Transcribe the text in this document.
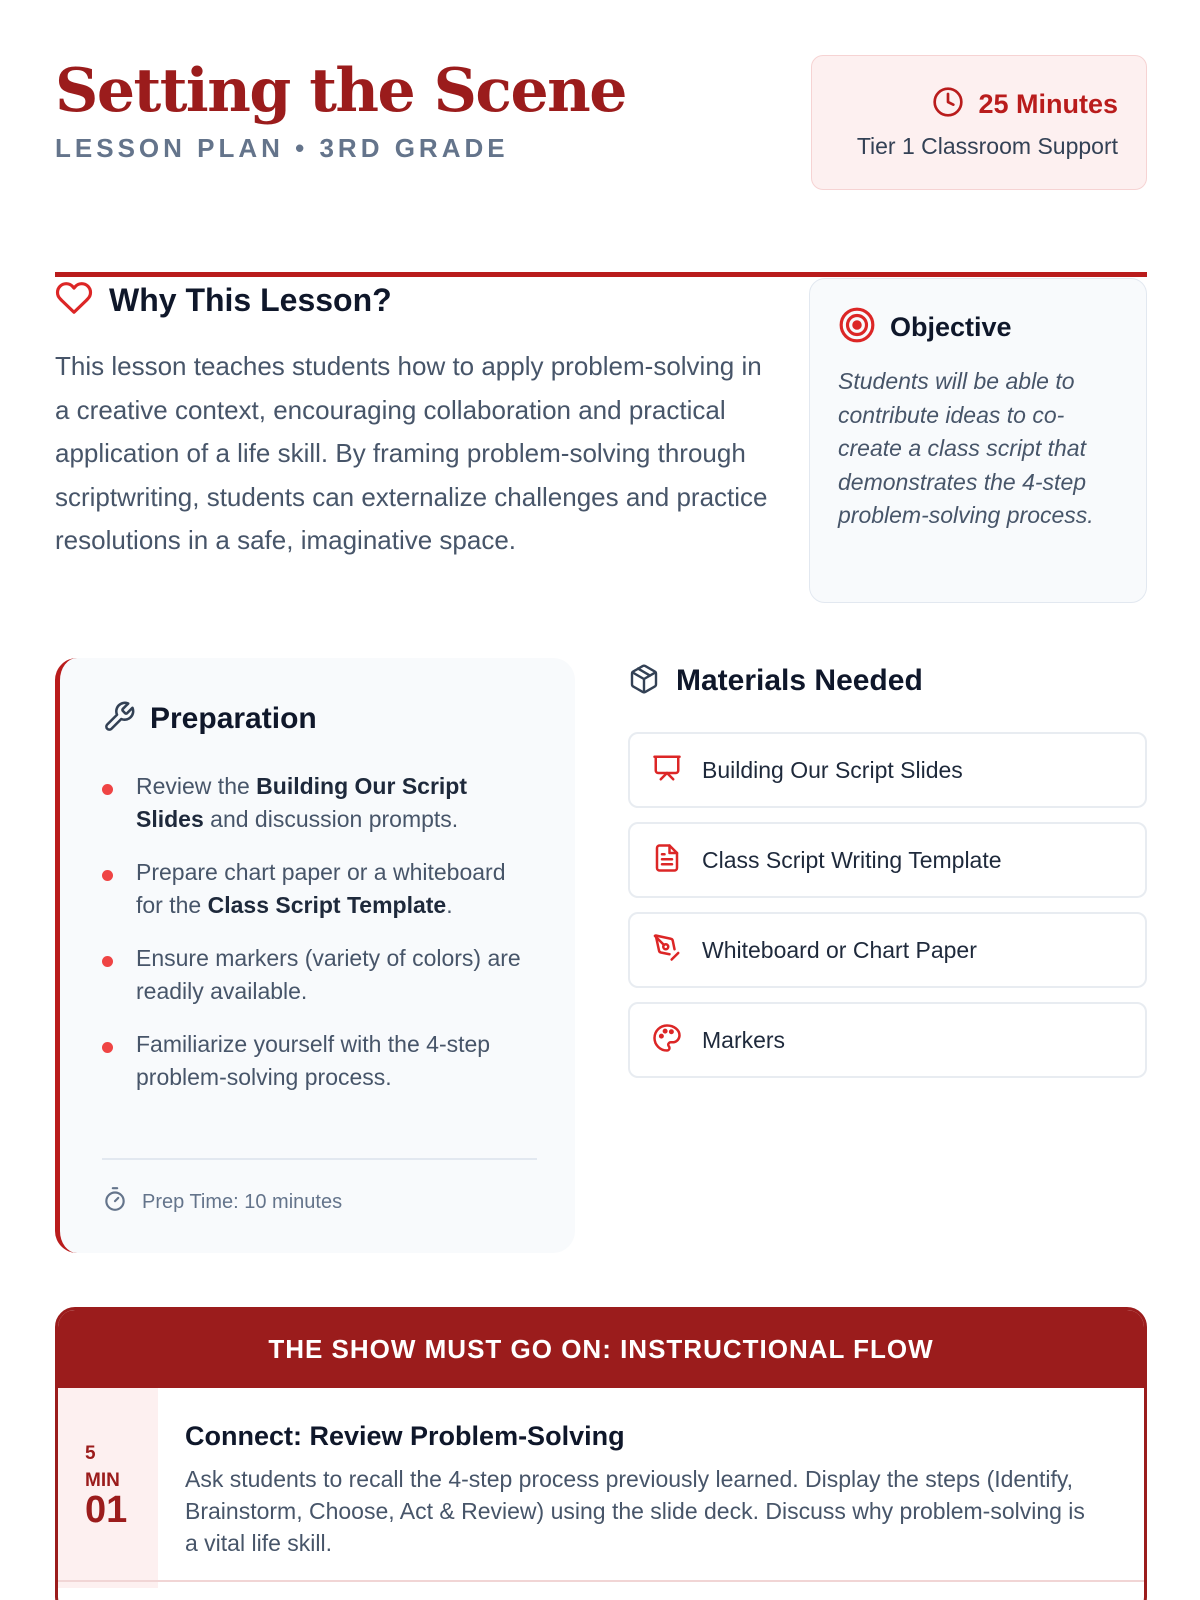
Setting the Scene
LESSON PLAN • 3RD GRADE
25 Minutes
Tier 1 Classroom Support
Why This Lesson?

This lesson teaches students how to apply problem-solving in a creative context, encouraging collaboration and practical application of a life skill. By framing problem-solving through scriptwriting, students can externalize challenges and practice resolutions in a safe, imaginative space.

Objective

Students will be able to contribute ideas to co-create a class script that demonstrates the 4-step problem-solving process.

Preparation
Review the Building Our Script Slides and discussion prompts.
Prepare chart paper or a whiteboard for the Class Script Template.
Ensure markers (variety of colors) are readily available.
Familiarize yourself with the 4-step problem-solving process.
Prep Time: 10 minutes
Materials Needed
Building Our Script Slides
Class Script Writing Template
Whiteboard or Chart Paper
Markers
THE SHOW MUST GO ON: INSTRUCTIONAL FLOW
5
MIN
01
Connect: Review Problem-Solving

Ask students to recall the 4-step process previously learned. Display the steps (Identify, Brainstorm, Choose, Act & Review) using the slide deck. Discuss why problem-solving is a vital life skill.
